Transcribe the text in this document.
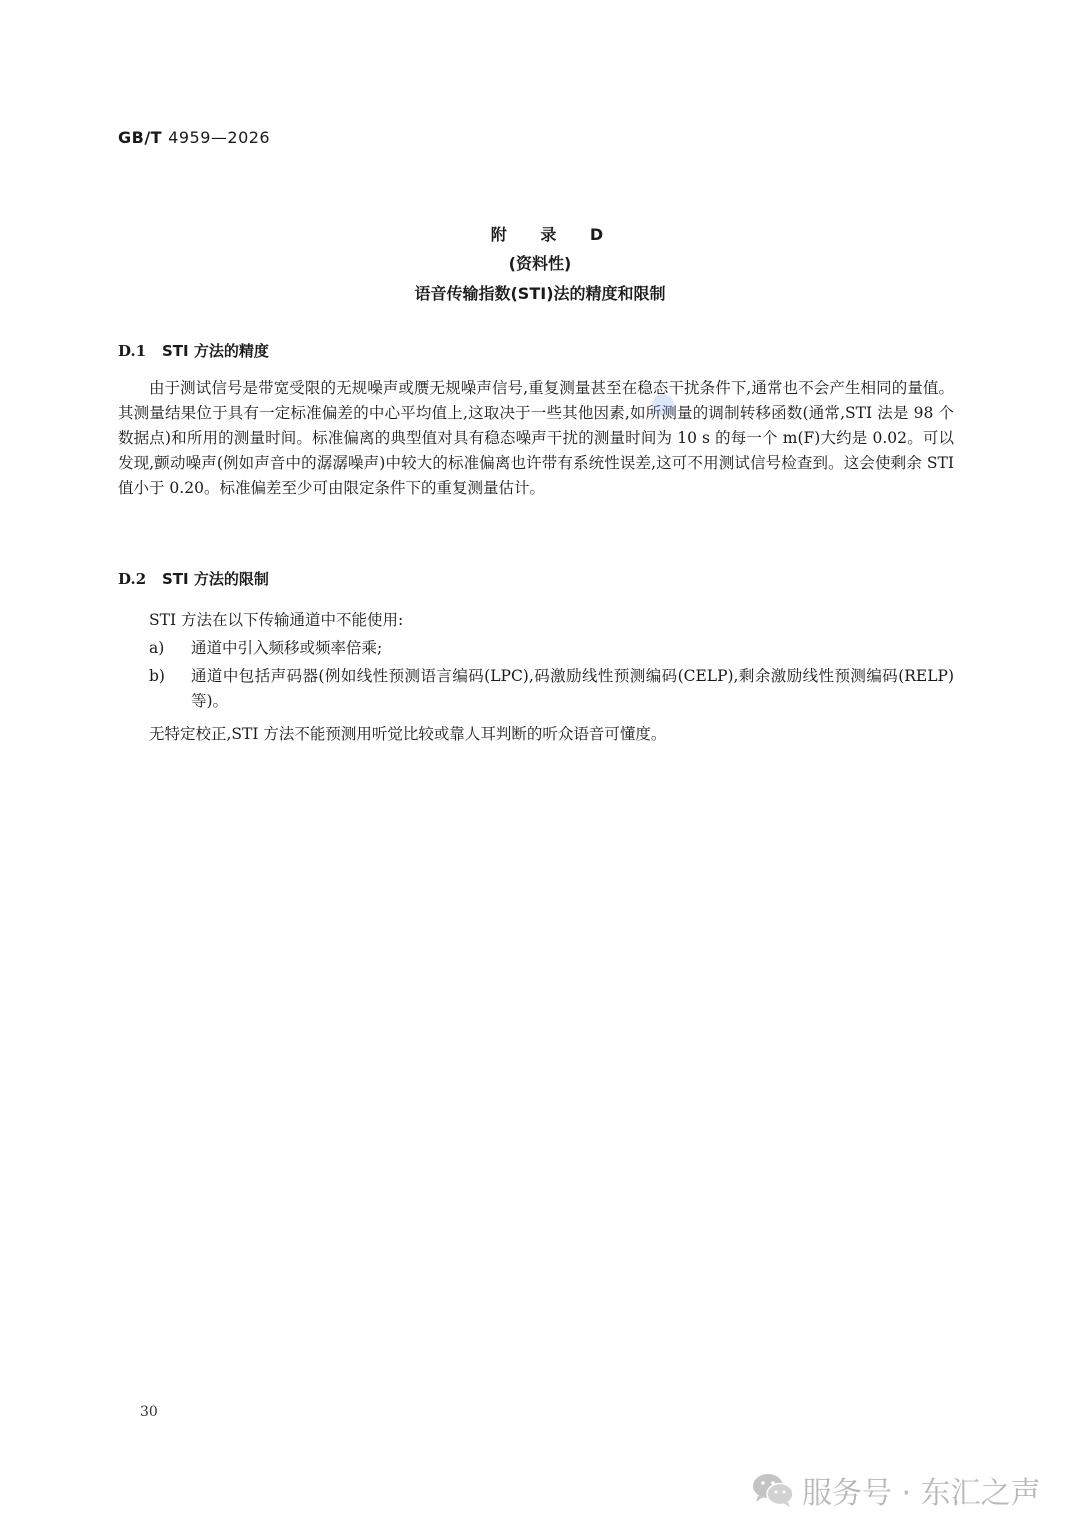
GB/T 4959—2026
附 录 D
(资料性)
语音传输指数(STI)法的精度和限制
D.1 STI 方法的精度
由于测试信号是带宽受限的无规噪声或赝无规噪声信号,重复测量甚至在稳态干扰条件下,通常也不会产生相同的量值。其测量结果位于具有一定标准偏差的中心平均值上,这取决于一些其他因素,如所测量的调制转移函数(通常,STI 法是 98 个数据点)和所用的测量时间。标准偏离的典型值对具有稳态噪声干扰的测量时间为 10 s 的每一个 m(F)大约是 0.02。可以发现,颤动噪声(例如声音中的潺潺噪声)中较大的标准偏离也许带有系统性误差,这可不用测试信号检查到。这会使剩余 STI 值小于 0.20。标准偏差至少可由限定条件下的重复测量估计。
D.2 STI 方法的限制
STI 方法在以下传输通道中不能使用:
a)	通道中引入频移或频率倍乘;
b)	通道中包括声码器(例如线性预测语言编码(LPC),码激励线性预测编码(CELP),剩余激励线性预测编码(RELP)等)。
无特定校正,STI 方法不能预测用听觉比较或靠人耳判断的听众语音可懂度。
30
服务号 · 东汇之声
